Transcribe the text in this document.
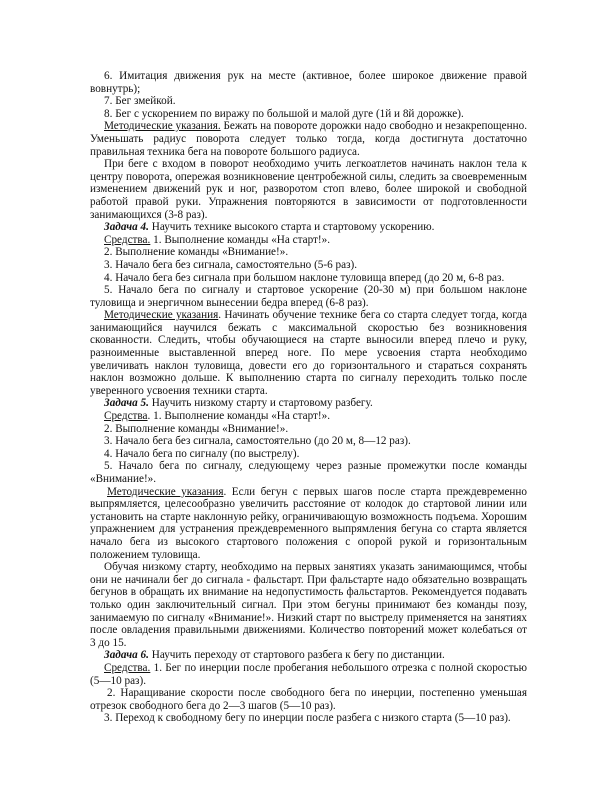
6. Имитация движения рук на месте (активное, более широкое движение правой вовнутрь);

7. Бег змейкой.

8. Бег с ускорением по виражу по большой и малой дуге (1й и 8й дорожке).

Методические указания. Бежать на повороте дорожки надо свободно и незакрепощенно. Уменьшать радиус поворота следует только тогда, когда достигнута достаточно правильная техника бега на повороте большого радиуса.

При беге с входом в поворот необходимо учить легкоатлетов начинать наклон тела к центру поворота, опережая возникновение центробежной силы, следить за своевременным изменением движений рук и ног, разворотом стоп влево, более широкой и свободной работой правой руки. Упражнения повторяются в зависимости от подготовленности занимающихся (3-8 раз).

Задача 4. Научить технике высокого старта и стартовому ускорению.

Средства. 1. Выполнение команды «На старт!».

2. Выполнение команды «Внимание!».

3. Начало бега без сигнала, самостоятельно (5-6 раз).

4. Начало бега без сигнала при большом наклоне туловища вперед (до 20 м, 6-8 раз.

5. Начало бега по сигналу и стартовое ускорение (20-30 м) при большом наклоне туловища и энергичном вынесении бедра вперед (6-8 раз).

Методические указания. Начинать обучение технике бега со старта следует тогда, когда занимающийся научился бежать с максимальной скоростью без возникновения скованности. Следить, чтобы обучающиеся на старте выносили вперед плечо и руку, разноименные выставленной вперед ноге. По мере усвоения старта необходимо увеличивать наклон туловища, довести его до горизонтального и стараться сохранять наклон возможно дольше. К выполнению старта по сигналу переходить только после уверенного усвоения техники старта.

Задача 5. Научить низкому старту и стартовому разбегу.

Средства. 1. Выполнение команды «На старт!».

2. Выполнение команды «Внимание!».

3. Начало бега без сигнала, самостоятельно (до 20 м, 8—12 раз).

4. Начало бега по сигналу (по выстрелу).

5. Начало бега по сигналу, следующему через разные промежутки после команды «Внимание!».

Методические указания. Если бегун с первых шагов после старта преждевременно выпрямляется, целесообразно увеличить расстояние от колодок до стартовой линии или установить на старте наклонную рейку, ограничивающую возможность подъема. Хорошим упражнением для устранения преждевременного выпрямления бегуна со старта является начало бега из высокого стартового положения с опорой рукой и горизонтальным положением туловища.

Обучая низкому старту, необходимо на первых занятиях указать занимающимся, чтобы они не начинали бег до сигнала - фальстарт. При фальстарте надо обязательно возвращать бегунов в обращать их внимание на недопустимость фальстартов. Рекомендуется подавать только один заключительный сигнал. При этом бегуны принимают без команды позу, занимаемую по сигналу «Внимание!». Низкий старт по выстрелу применяется на занятиях после овладения правильными движениями. Количество повторений может колебаться от 3 до 15.

Задача 6. Научить переходу от стартового разбега к бегу по дистанции.

Средства. 1. Бег по инерции после пробегания небольшого отрезка с полной скоростью (5—10 раз).

2. Наращивание скорости после свободного бега по инерции, постепенно уменьшая отрезок свободного бега до 2—3 шагов (5—10 раз).

3. Переход к свободному бегу по инерции после разбега с низкого старта (5—10 раз).
